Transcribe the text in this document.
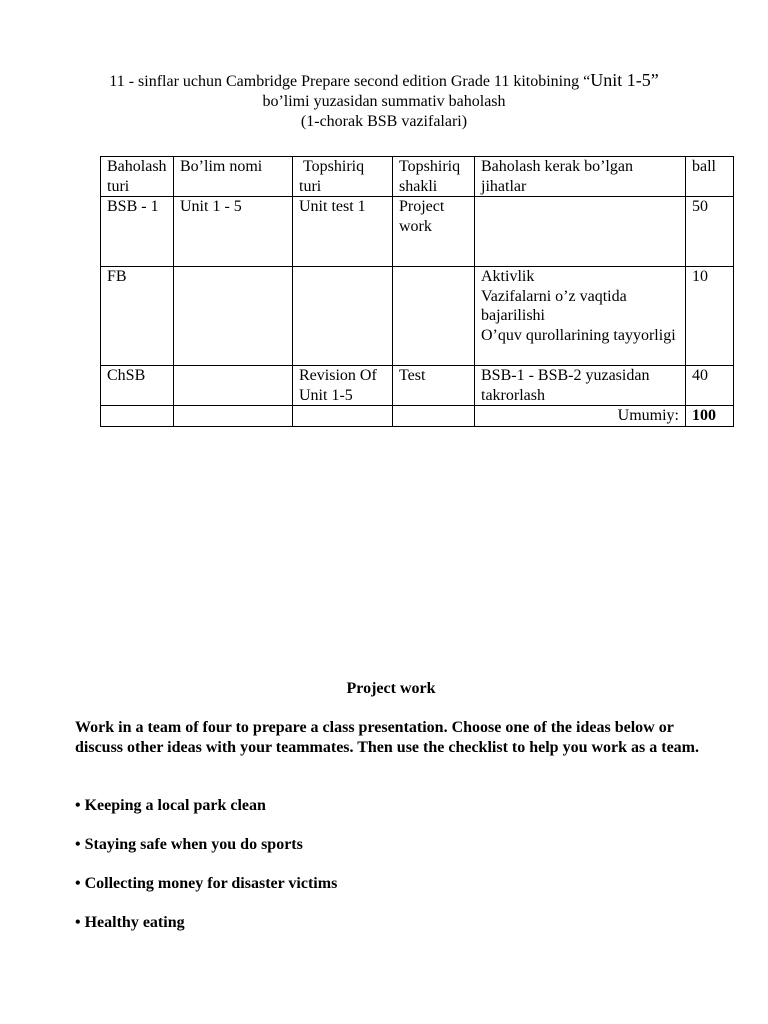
11 - sinflar uchun Cambridge Prepare second edition Grade 11 kitobining “Unit 1-5”
bo’limi yuzasidan summativ baholash
(1-chorak BSB vazifalari)
Baholash turi	Bo’lim nomi	Topshiriq turi	Topshiriq shakli	Baholash kerak bo’lgan jihatlar	ball
BSB - 1	Unit 1 - 5	Unit test 1	Project work		50
FB				Aktivlik
Vazifalarni o’z vaqtida bajarilishi
O’quv qurollarining tayyorligi	10
ChSB		Revision Of Unit 1-5	Test	BSB-1 - BSB-2 yuzasidan takrorlash	40
				Umumiy:	100
Project work
Work in a team of four to prepare a class presentation. Choose one of the ideas below or discuss other ideas with your teammates. Then use the checklist to help you work as a team.
• Keeping a local park clean
• Staying safe when you do sports
• Collecting money for disaster victims
• Healthy eating
